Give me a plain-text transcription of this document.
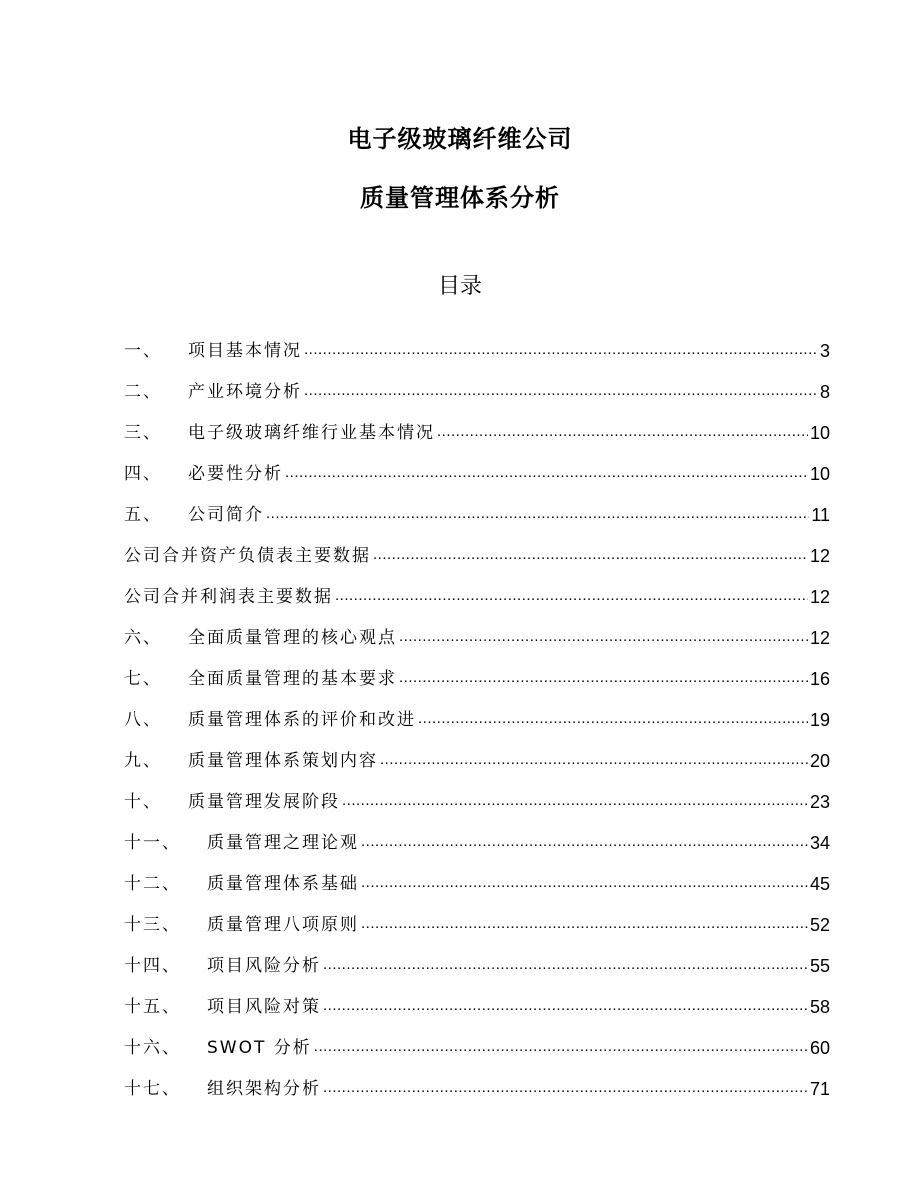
电子级玻璃纤维公司
质量管理体系分析
目录
一、 项目基本情况 .....	3
二、 产业环境分析 .....	8
三、 电子级玻璃纤维行业基本情况 .....	10
四、 必要性分析 .....	10
五、 公司简介 .....	11
公司合并资产负债表主要数据 .....	12
公司合并利润表主要数据 .....	12
六、 全面质量管理的核心观点 .....	12
七、 全面质量管理的基本要求 .....	16
八、 质量管理体系的评价和改进 .....	19
九、 质量管理体系策划内容 .....	20
十、 质量管理发展阶段 .....	23
十一、 质量管理之理论观 .....	34
十二、 质量管理体系基础 .....	45
十三、 质量管理八项原则 .....	52
十四、 项目风险分析 .....	55
十五、 项目风险对策 .....	58
十六、 SWOT 分析 .....	60
十七、 组织架构分析 .....	71
